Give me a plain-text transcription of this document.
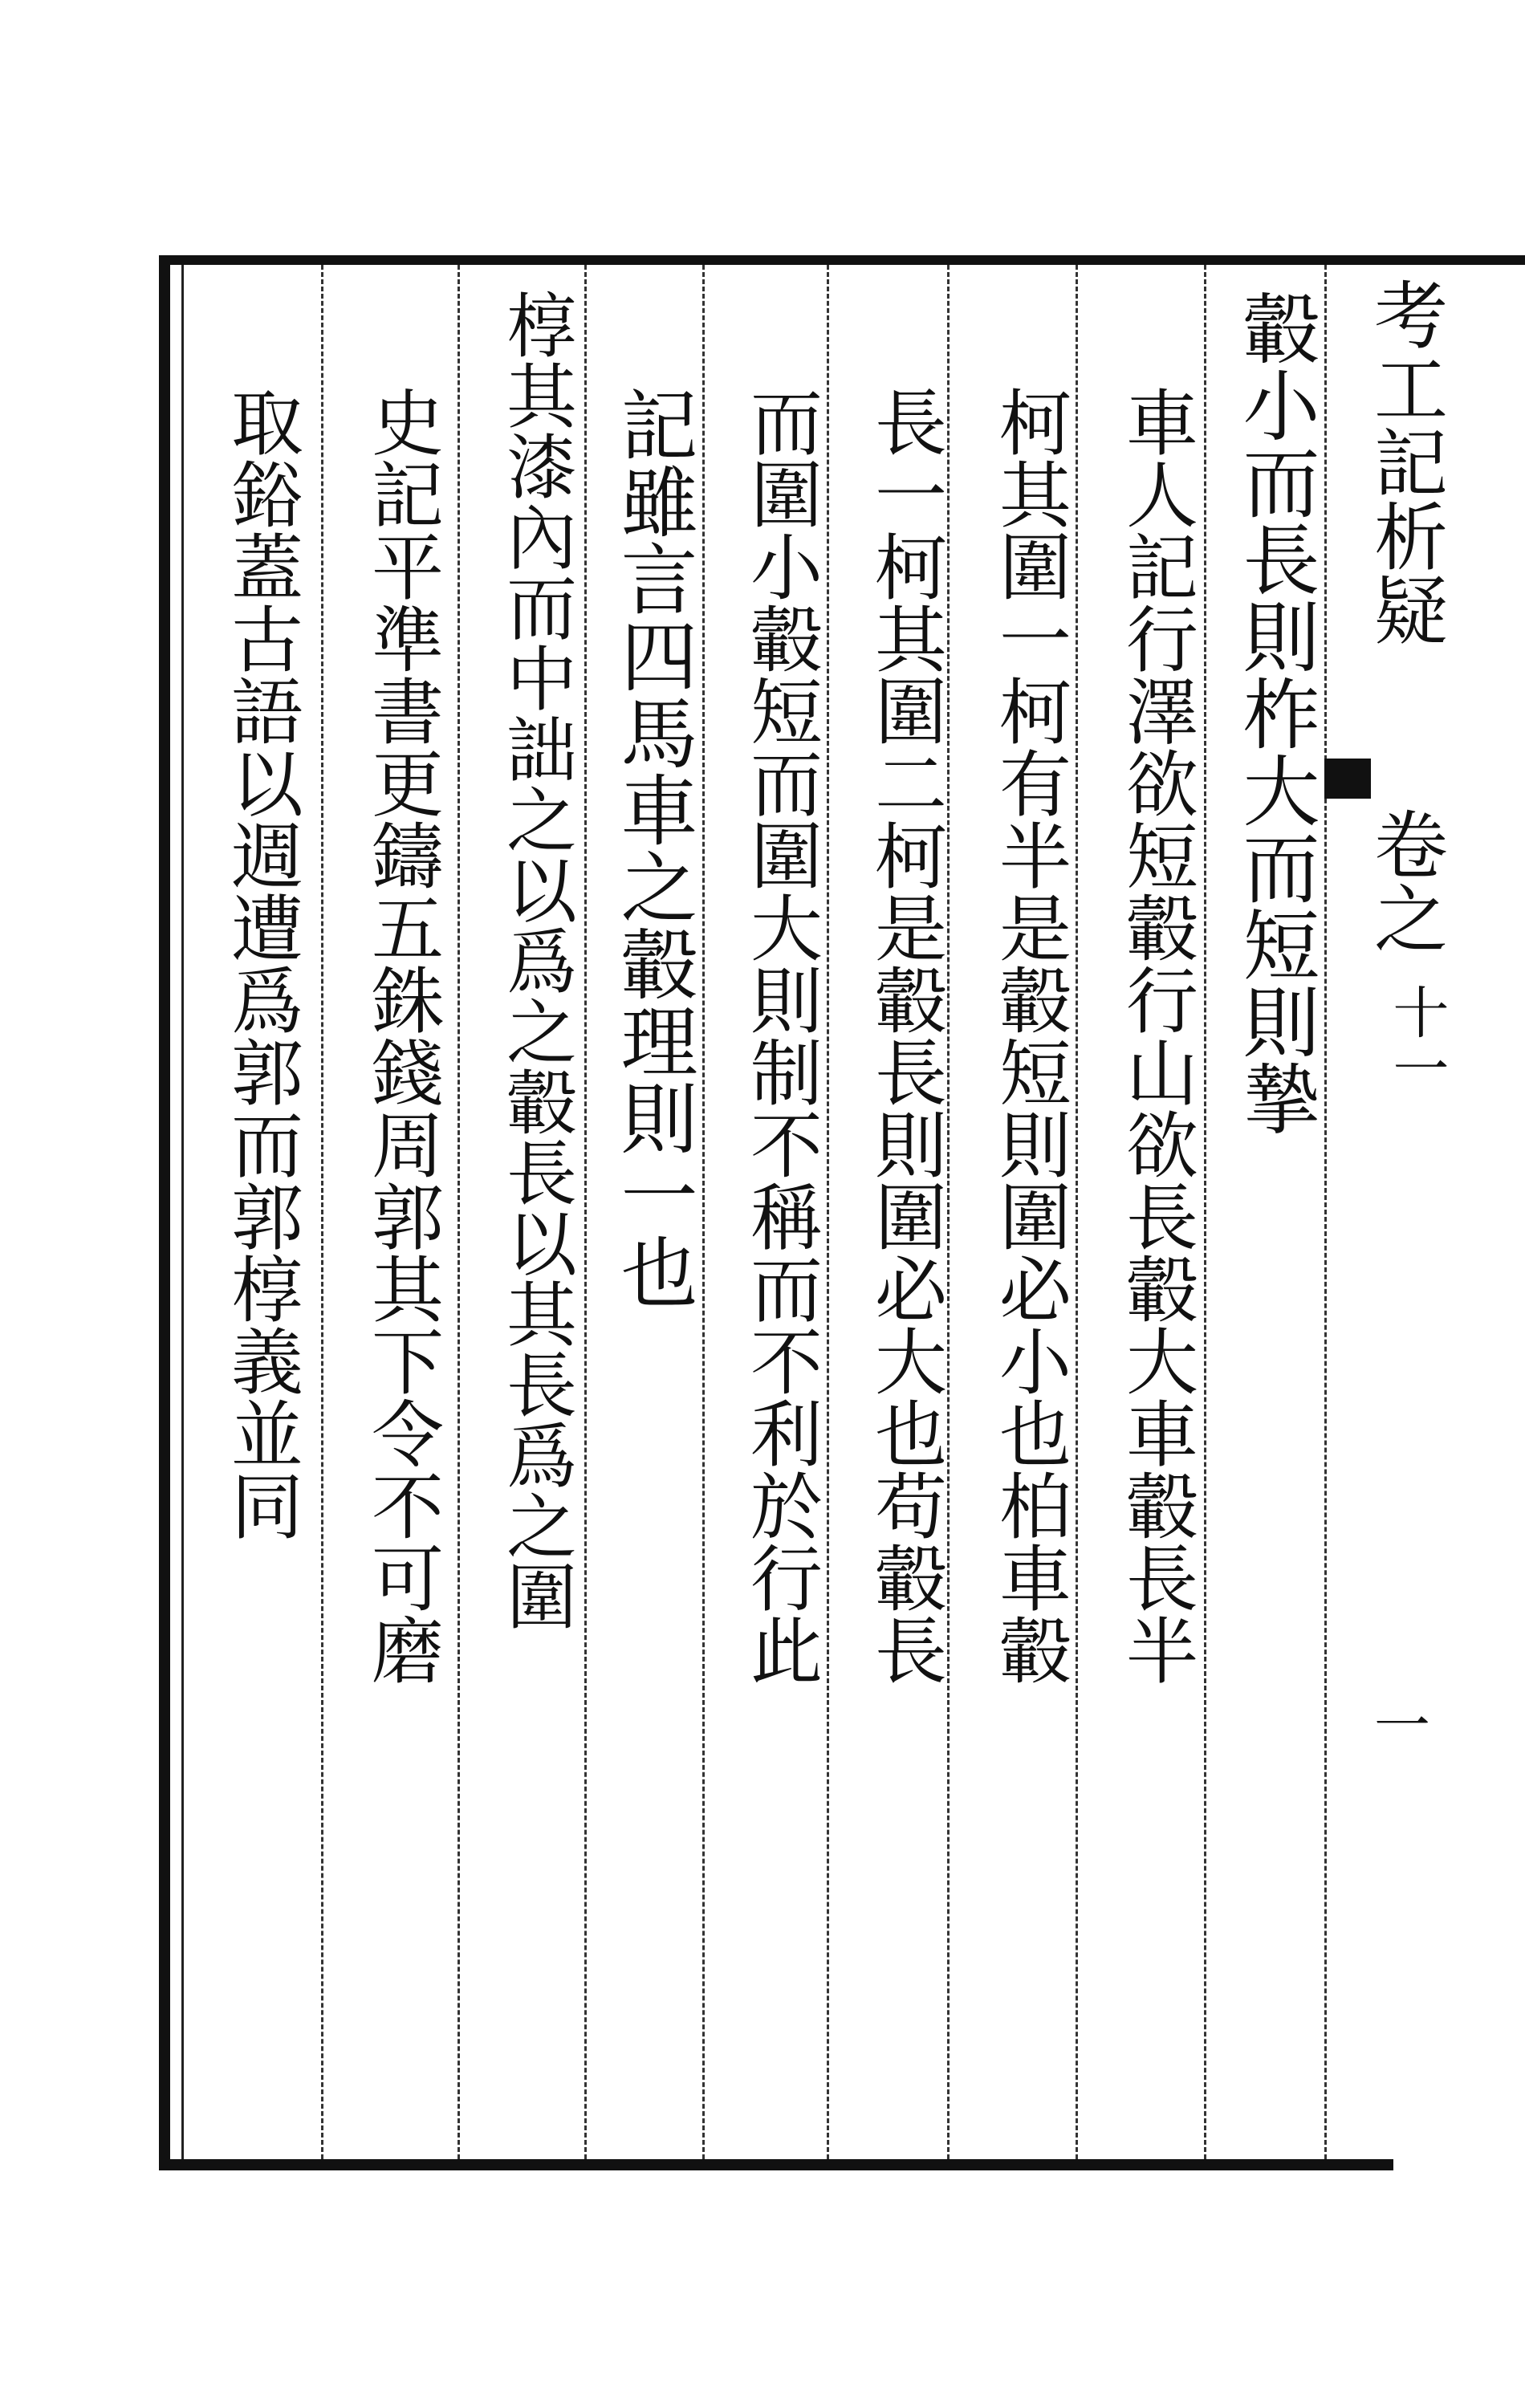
考工記析疑
卷之
十一
一
轂小而長則柞大而短則摯
車人記行澤欲短轂行山欲長轂大車轂長半
柯其圍一柯有半是轂短則圍必小也柏車轂
長一柯其圍二柯是轂長則圍必大也苟轂長
而圍小轂短而圍大則制不稱而不利於行此
記雖言四馬車之轂理則一也
椁其漆內而中詘之以爲之轂長以其長爲之圍
史記平準書更鑄五銖錢周郭其下令不可磨
取鋊蓋古語以週遭爲郭而郭椁義並同
